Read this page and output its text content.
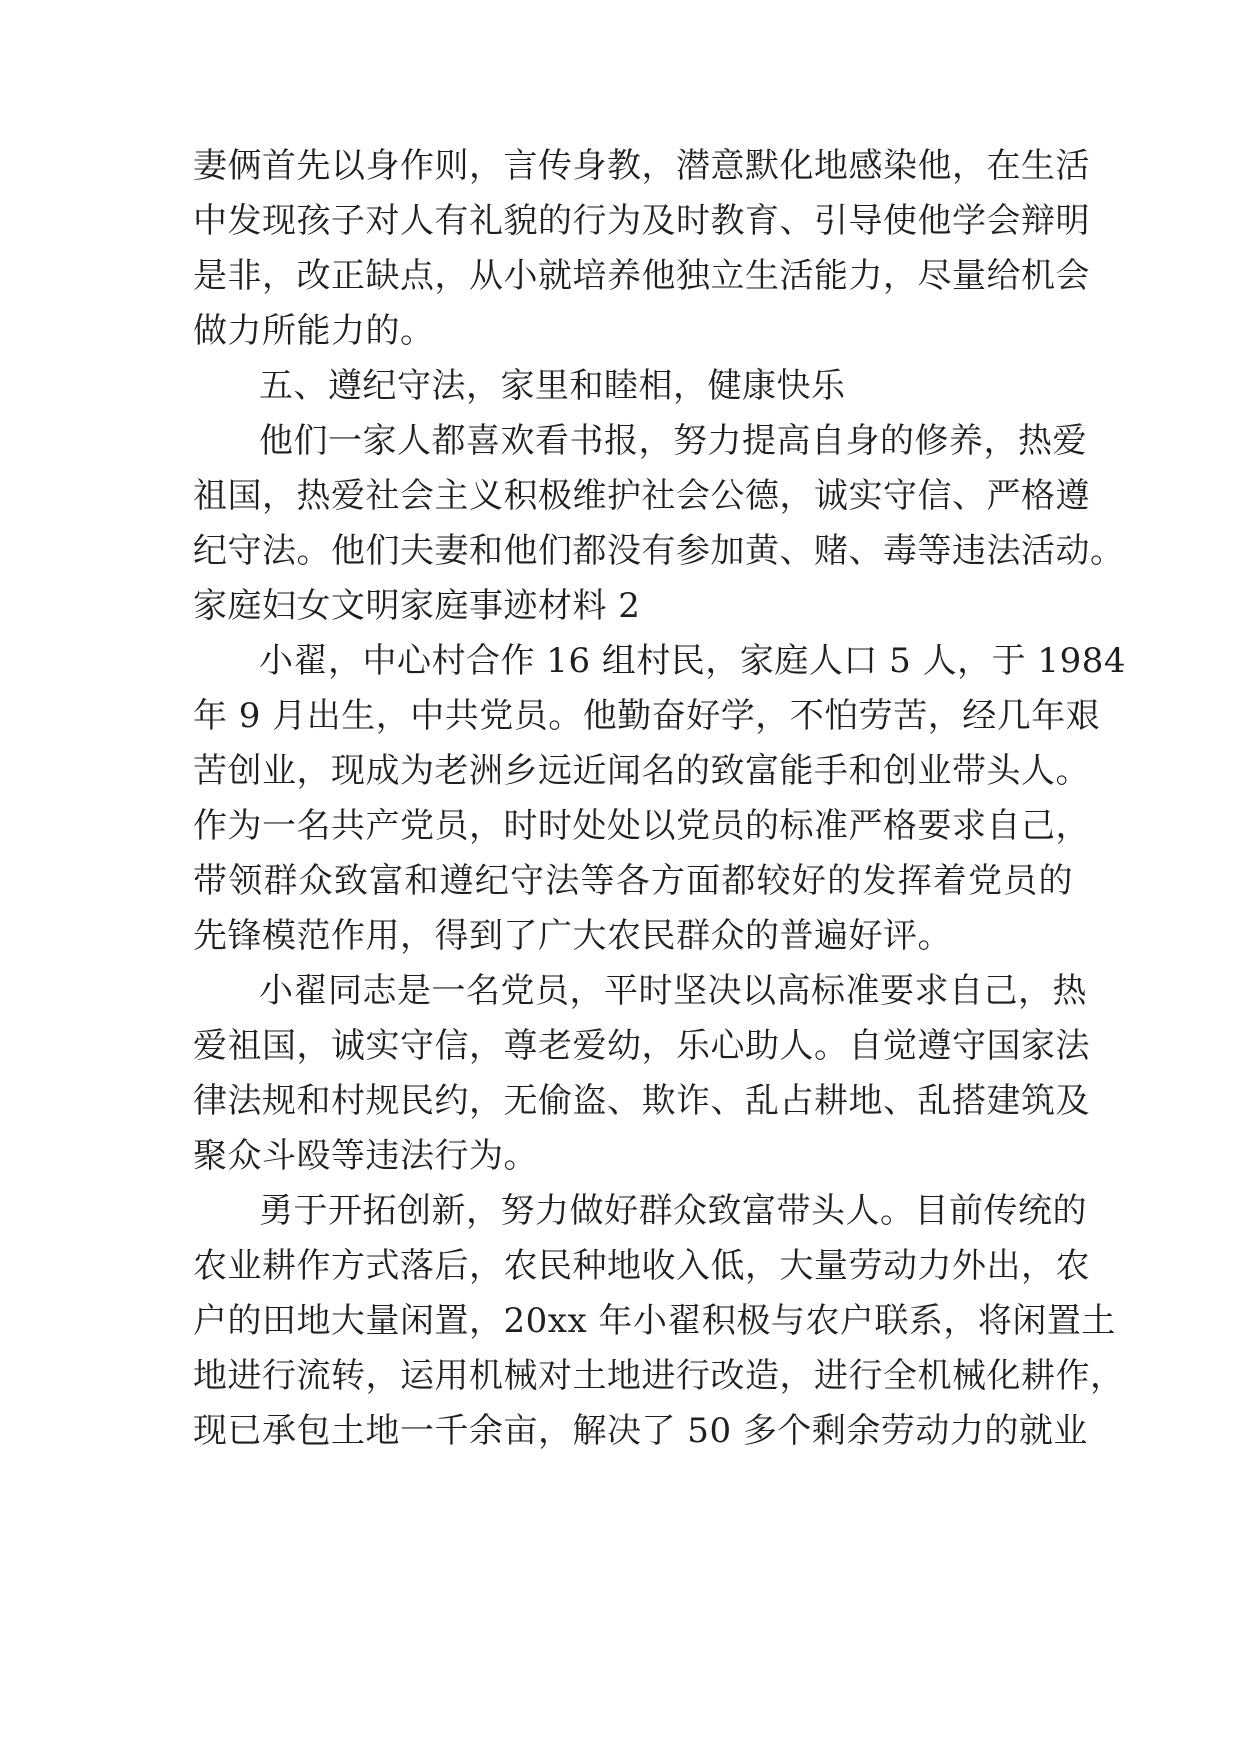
妻俩首先以身作则，言传身教，潜意默化地感染他，在生活

中发现孩子对人有礼貌的行为及时教育、引导使他学会辩明

是非，改正缺点，从小就培养他独立生活能力，尽量给机会

做力所能力的。

五、遵纪守法，家里和睦相，健康快乐

他们一家人都喜欢看书报，努力提高自身的修养，热爱

祖国，热爱社会主义积极维护社会公德，诚实守信、严格遵

纪守法。他们夫妻和他们都没有参加黄、赌、毒等违法活动。

家庭妇女文明家庭事迹材料 2

小翟，中心村合作 16 组村民，家庭人口 5 人，于 1984

年 9 月出生，中共党员。他勤奋好学，不怕劳苦，经几年艰

苦创业，现成为老洲乡远近闻名的致富能手和创业带头人。

作为一名共产党员，时时处处以党员的标准严格要求自己，

带领群众致富和遵纪守法等各方面都较好的发挥着党员的

先锋模范作用，得到了广大农民群众的普遍好评。

小翟同志是一名党员，平时坚决以高标准要求自己，热

爱祖国，诚实守信，尊老爱幼，乐心助人。自觉遵守国家法

律法规和村规民约，无偷盗、欺诈、乱占耕地、乱搭建筑及

聚众斗殴等违法行为。

勇于开拓创新，努力做好群众致富带头人。目前传统的

农业耕作方式落后，农民种地收入低，大量劳动力外出，农

户的田地大量闲置，20xx 年小翟积极与农户联系，将闲置土

地进行流转，运用机械对土地进行改造，进行全机械化耕作，

现已承包土地一千余亩，解决了 50 多个剩余劳动力的就业
